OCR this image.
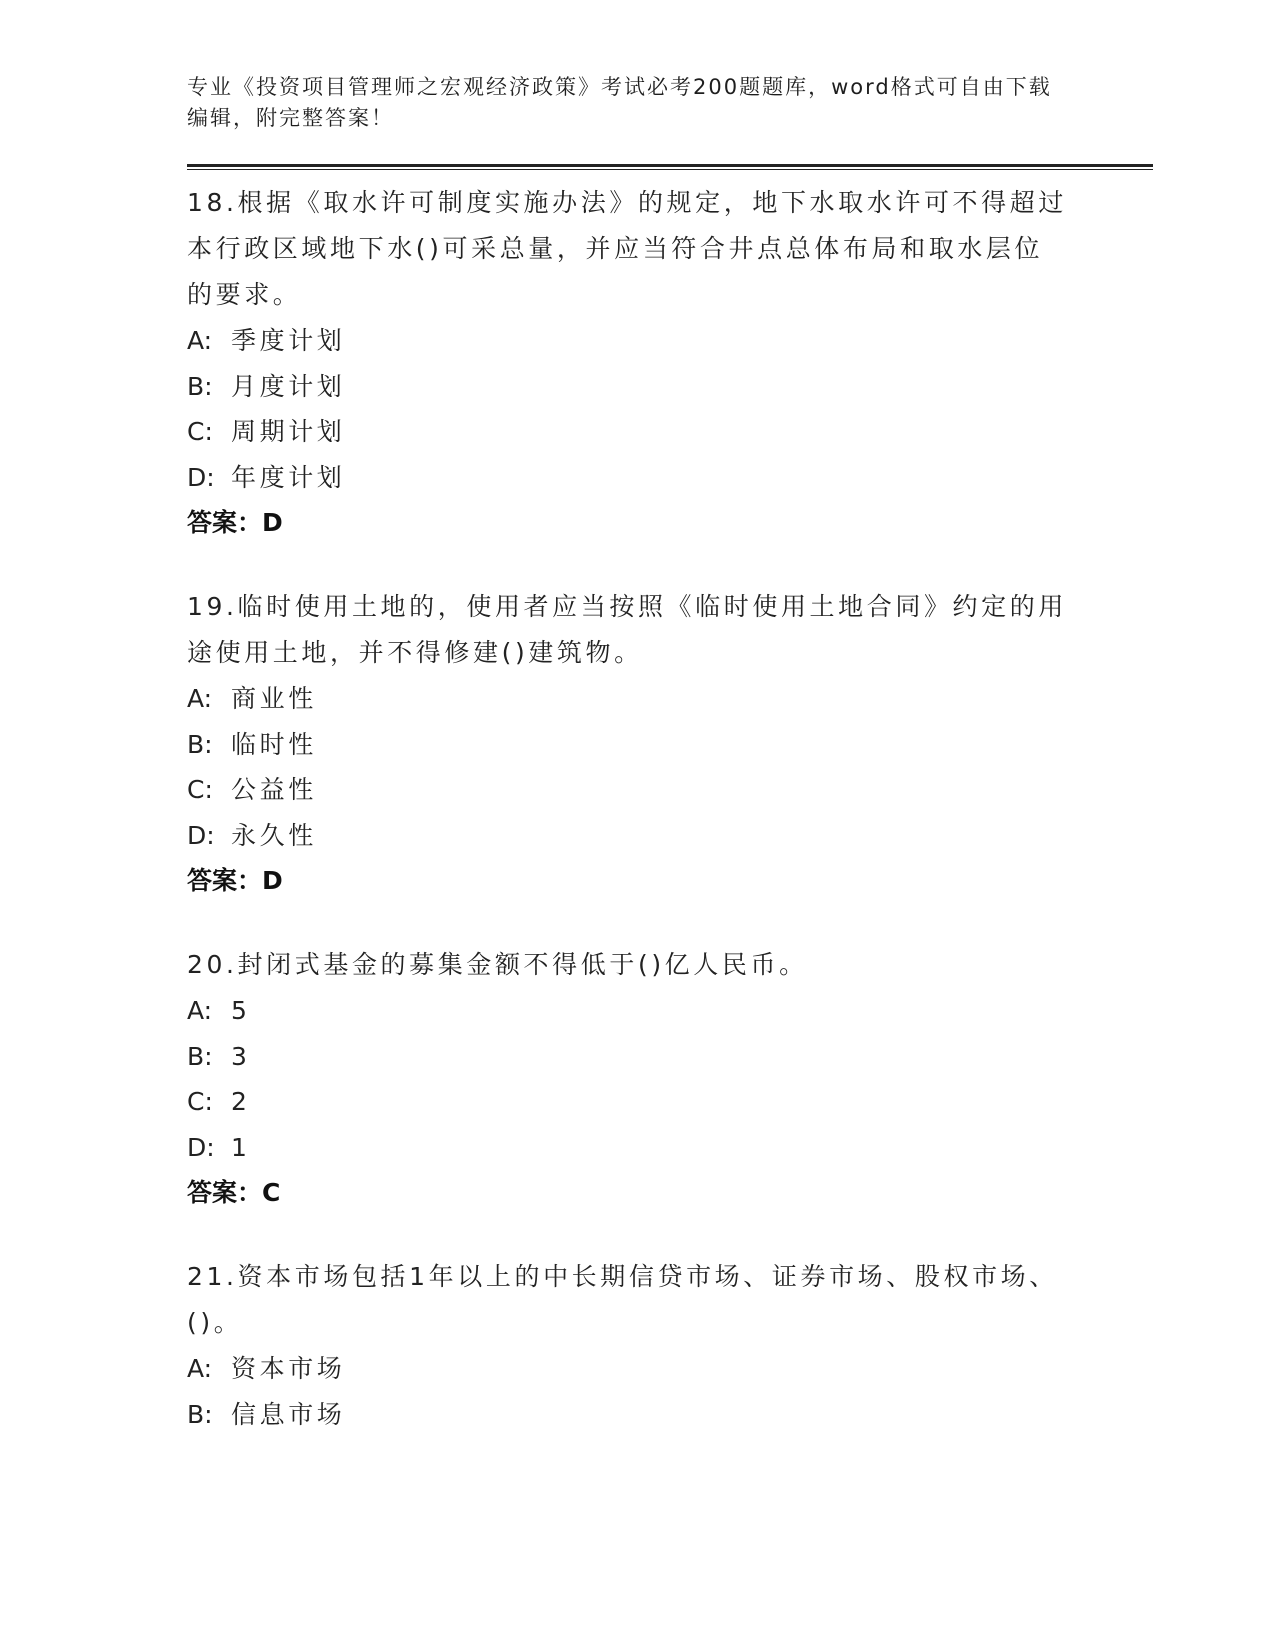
专业《投资项目管理师之宏观经济政策》考试必考200题题库，word格式可自由下载编辑，附完整答案！
18.根据《取水许可制度实施办法》的规定，地下水取水许可不得超过本行政区域地下水()可采总量，并应当符合井点总体布局和取水层位的要求。
A: 季度计划
B: 月度计划
C: 周期计划
D: 年度计划
答案：D
19.临时使用土地的，使用者应当按照《临时使用土地合同》约定的用途使用土地，并不得修建()建筑物。
A: 商业性
B: 临时性
C: 公益性
D: 永久性
答案：D
20.封闭式基金的募集金额不得低于()亿人民币。
A: 5
B: 3
C: 2
D: 1
答案：C
21.资本市场包括1年以上的中长期信贷市场、证券市场、股权市场、()。
A: 资本市场
B: 信息市场
